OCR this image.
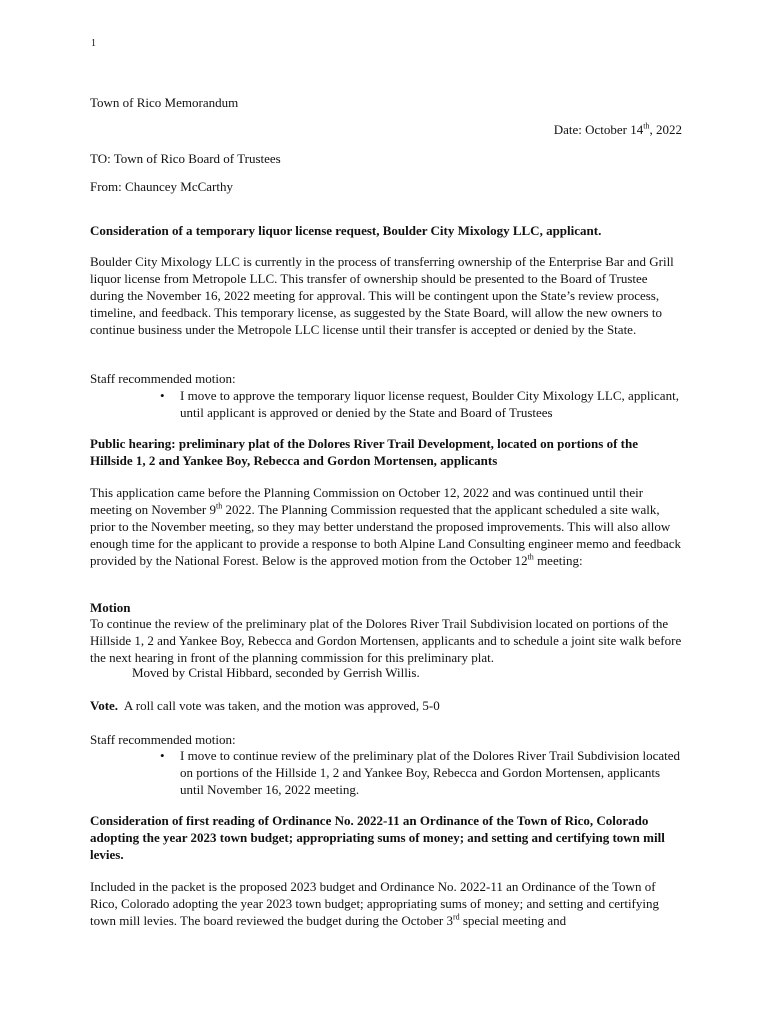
1

Town of Rico Memorandum

Date: October 14th, 2022

TO: Town of Rico Board of Trustees

From: Chauncey McCarthy

Consideration of a temporary liquor license request, Boulder City Mixology LLC, applicant.

Boulder City Mixology LLC is currently in the process of transferring ownership of the Enterprise Bar and Grill liquor license from Metropole LLC. This transfer of ownership should be presented to the Board of Trustee during the November 16, 2022 meeting for approval. This will be contingent upon the State’s review process, timeline, and feedback. This temporary license, as suggested by the State Board, will allow the new owners to continue business under the Metropole LLC license until their transfer is accepted or denied by the State.

Staff recommended motion:

• I move to approve the temporary liquor license request, Boulder City Mixology LLC, applicant, until applicant is approved or denied by the State and Board of Trustees

Public hearing: preliminary plat of the Dolores River Trail Development, located on portions of the Hillside 1, 2 and Yankee Boy, Rebecca and Gordon Mortensen, applicants

This application came before the Planning Commission on October 12, 2022 and was continued until their meeting on November 9th 2022. The Planning Commission requested that the applicant scheduled a site walk, prior to the November meeting, so they may better understand the proposed improvements. This will also allow enough time for the applicant to provide a response to both Alpine Land Consulting engineer memo and feedback provided by the National Forest. Below is the approved motion from the October 12th meeting:

Motion

To continue the review of the preliminary plat of the Dolores River Trail Subdivision located on portions of the Hillside 1, 2 and Yankee Boy, Rebecca and Gordon Mortensen, applicants and to schedule a joint site walk before the next hearing in front of the planning commission for this preliminary plat.

Moved by Cristal Hibbard, seconded by Gerrish Willis.

Vote.  A roll call vote was taken, and the motion was approved, 5-0

Staff recommended motion:

• I move to continue review of the preliminary plat of the Dolores River Trail Subdivision located on portions of the Hillside 1, 2 and Yankee Boy, Rebecca and Gordon Mortensen, applicants until November 16, 2022 meeting.

Consideration of first reading of Ordinance No. 2022-11 an Ordinance of the Town of Rico, Colorado adopting the year 2023 town budget; appropriating sums of money; and setting and certifying town mill levies.

Included in the packet is the proposed 2023 budget and Ordinance No. 2022-11 an Ordinance of the Town of Rico, Colorado adopting the year 2023 town budget; appropriating sums of money; and setting and certifying town mill levies. The board reviewed the budget during the October 3rd special meeting and
